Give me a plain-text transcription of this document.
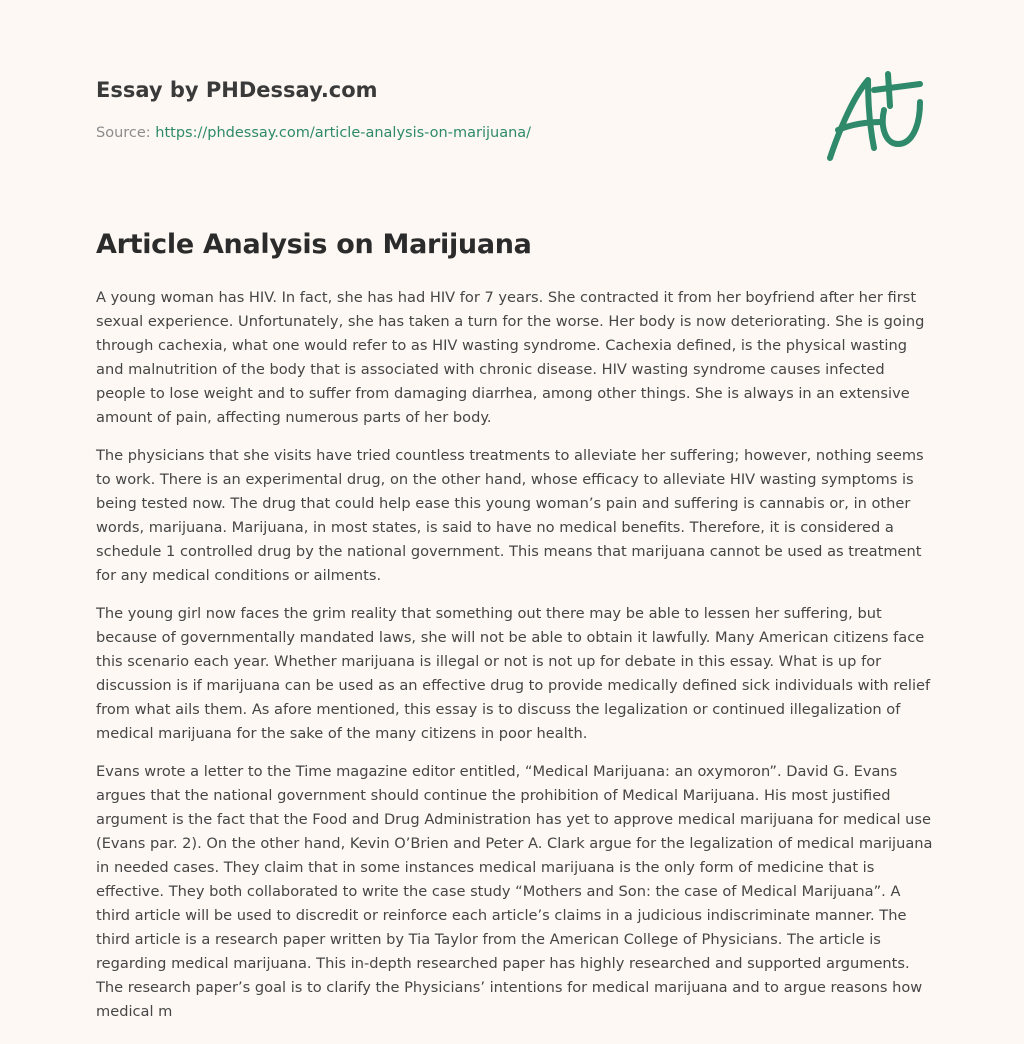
Essay by PHDessay.com
Source: https://phdessay.com/article-analysis-on-marijuana/
Article Analysis on Marijuana

A young woman has HIV. In fact, she has had HIV for 7 years. She contracted it from her boyfriend after her first sexual experience. Unfortunately, she has taken a turn for the worse. Her body is now deteriorating. She is going through cachexia, what one would refer to as HIV wasting syndrome. Cachexia defined, is the physical wasting and malnutrition of the body that is associated with chronic disease. HIV wasting syndrome causes infected people to lose weight and to suffer from damaging diarrhea, among other things. She is always in an extensive amount of pain, affecting numerous parts of her body.

The physicians that she visits have tried countless treatments to alleviate her suffering; however, nothing seems to work. There is an experimental drug, on the other hand, whose efficacy to alleviate HIV wasting symptoms is being tested now. The drug that could help ease this young woman’s pain and suffering is cannabis or, in other words, marijuana. Marijuana, in most states, is said to have no medical benefits. Therefore, it is considered a schedule 1 controlled drug by the national government. This means that marijuana cannot be used as treatment for any medical conditions or ailments.

The young girl now faces the grim reality that something out there may be able to lessen her suffering, but because of governmentally mandated laws, she will not be able to obtain it lawfully. Many American citizens face this scenario each year. Whether marijuana is illegal or not is not up for debate in this essay. What is up for discussion is if marijuana can be used as an effective drug to provide medically defined sick individuals with relief from what ails them. As afore mentioned, this essay is to discuss the legalization or continued illegalization of medical marijuana for the sake of the many citizens in poor health.

Evans wrote a letter to the Time magazine editor entitled, “Medical Marijuana: an oxymoron”. David G. Evans argues that the national government should continue the prohibition of Medical Marijuana. His most justified argument is the fact that the Food and Drug Administration has yet to approve medical marijuana for medical use (Evans par. 2). On the other hand, Kevin O’Brien and Peter A. Clark argue for the legalization of medical marijuana in needed cases. They claim that in some instances medical marijuana is the only form of medicine that is effective. They both collaborated to write the case study “Mothers and Son: the case of Medical Marijuana”. A third article will be used to discredit or reinforce each article’s claims in a judicious indiscriminate manner. The third article is a research paper written by Tia Taylor from the American College of Physicians. The article is regarding medical marijuana. This in-depth researched paper has highly researched and supported arguments. The research paper’s goal is to clarify the Physicians’ intentions for medical marijuana and to argue reasons how medical m
